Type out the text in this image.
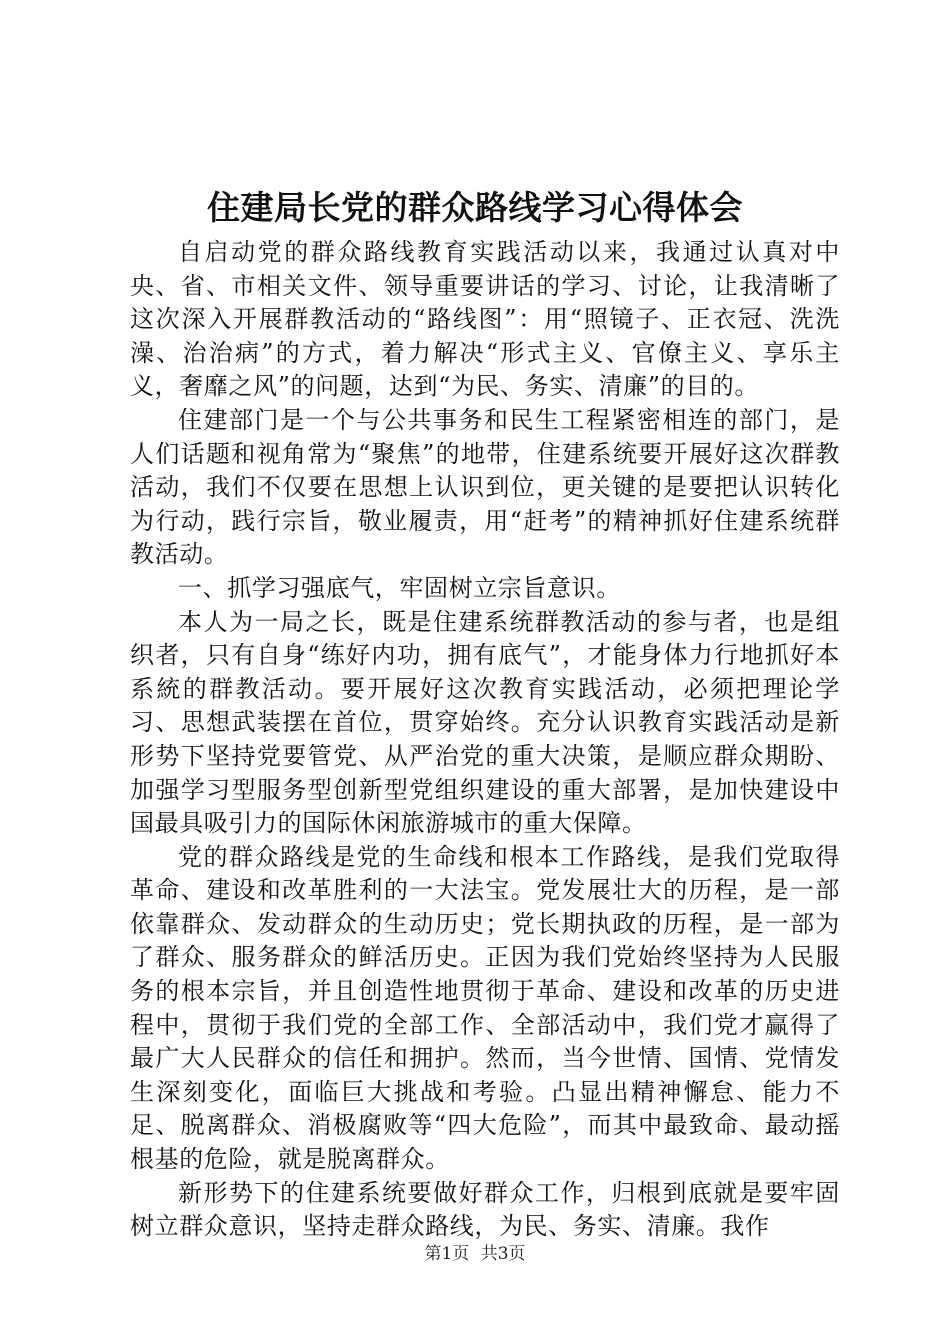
住建局长党的群众路线学习心得体会

自启动党的群众路线教育实践活动以来，我通过认真对中央、省、市相关文件、领导重要讲话的学习、讨论，让我清晰了这次深入开展群教活动的“路线图”：用“照镜子、正衣冠、洗洗澡、治治病”的方式，着力解决“形式主义、官僚主义、享乐主义，奢靡之风”的问题，达到“为民、务实、清廉”的目的。

住建部门是一个与公共事务和民生工程紧密相连的部门，是人们话题和视角常为“聚焦”的地带，住建系统要开展好这次群教活动，我们不仅要在思想上认识到位，更关键的是要把认识转化为行动，践行宗旨，敬业履责，用“赶考”的精神抓好住建系统群教活动。

一、抓学习强底气，牢固树立宗旨意识。

本人为一局之长，既是住建系统群教活动的参与者，也是组织者，只有自身“练好内功，拥有底气”，才能身体力行地抓好本系統的群教活动。要开展好这次教育实践活动，必须把理论学习、思想武装摆在首位，贯穿始终。充分认识教育实践活动是新形势下坚持党要管党、从严治党的重大决策，是顺应群众期盼、加强学习型服务型创新型党组织建设的重大部署，是加快建设中国最具吸引力的国际休闲旅游城市的重大保障。

党的群众路线是党的生命线和根本工作路线，是我们党取得革命、建设和改革胜利的一大法宝。党发展壮大的历程，是一部依靠群众、发动群众的生动历史；党长期执政的历程，是一部为了群众、服务群众的鲜活历史。正因为我们党始终坚持为人民服务的根本宗旨，并且创造性地贯彻于革命、建设和改革的历史进程中，贯彻于我们党的全部工作、全部活动中，我们党才赢得了最广大人民群众的信任和拥护。然而，当今世情、国情、党情发生深刻变化，面临巨大挑战和考验。凸显出精神懈怠、能力不足、脱离群众、消极腐败等“四大危险”，而其中最致命、最动摇根基的危险，就是脱离群众。

新形势下的住建系统要做好群众工作，归根到底就是要牢固树立群众意识，坚持走群众路线，为民、务实、清廉。我作

第1页 共3页
